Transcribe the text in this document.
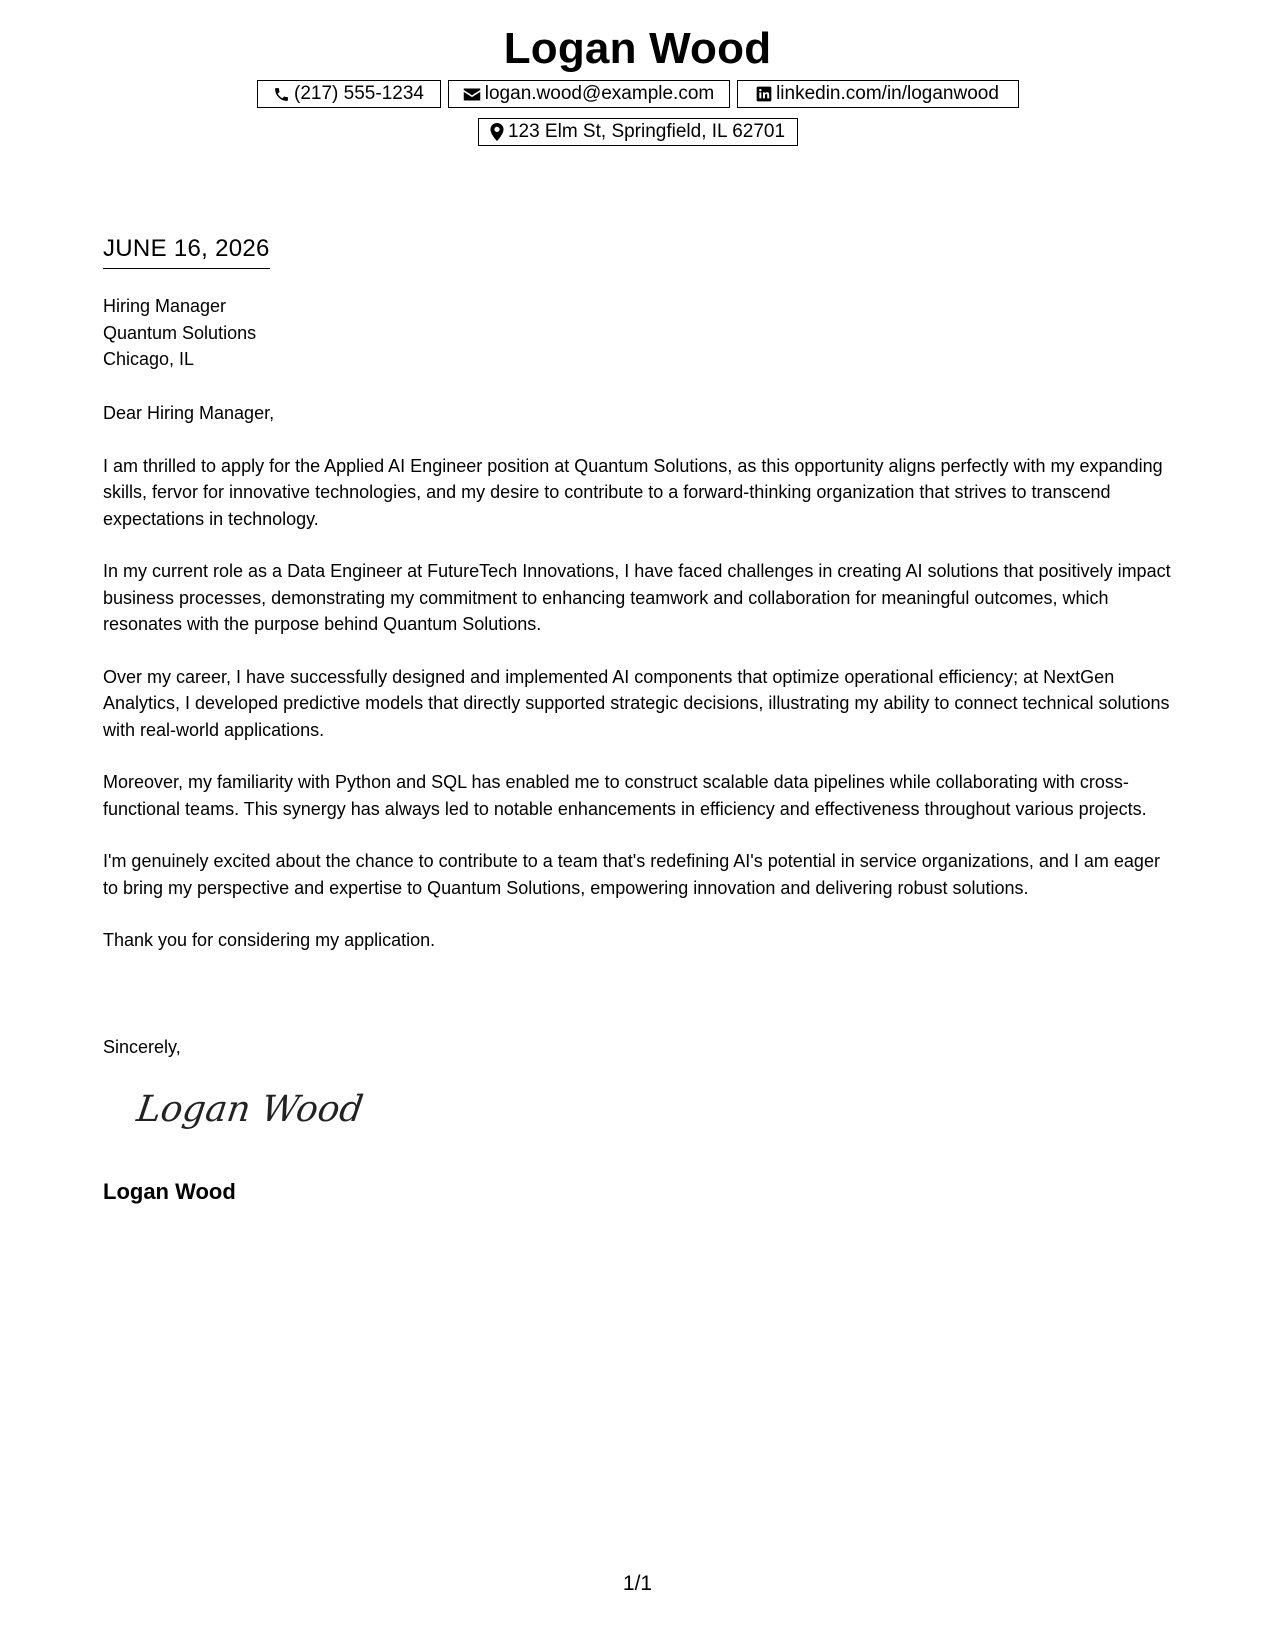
Logan Wood
(217) 555-1234	logan.wood@example.com	linkedin.com/in/loganwood
123 Elm St, Springfield, IL 62701
JUNE 16, 2026
Hiring Manager
Quantum Solutions
Chicago, IL

Dear Hiring Manager,

I am thrilled to apply for the Applied AI Engineer position at Quantum Solutions, as this opportunity aligns perfectly with my expanding skills, fervor for innovative technologies, and my desire to contribute to a forward-thinking organization that strives to transcend expectations in technology.

In my current role as a Data Engineer at FutureTech Innovations, I have faced challenges in creating AI solutions that positively impact business processes, demonstrating my commitment to enhancing teamwork and collaboration for meaningful outcomes, which resonates with the purpose behind Quantum Solutions.

Over my career, I have successfully designed and implemented AI components that optimize operational efficiency; at NextGen Analytics, I developed predictive models that directly supported strategic decisions, illustrating my ability to connect technical solutions with real-world applications.

Moreover, my familiarity with Python and SQL has enabled me to construct scalable data pipelines while collaborating with cross-functional teams. This synergy has always led to notable enhancements in efficiency and effectiveness throughout various projects.

I'm genuinely excited about the chance to contribute to a team that's redefining AI's potential in service organizations, and I am eager to bring my perspective and expertise to Quantum Solutions, empowering innovation and delivering robust solutions.

Thank you for considering my application.

Sincerely,
Logan Wood
Logan Wood
1/1
